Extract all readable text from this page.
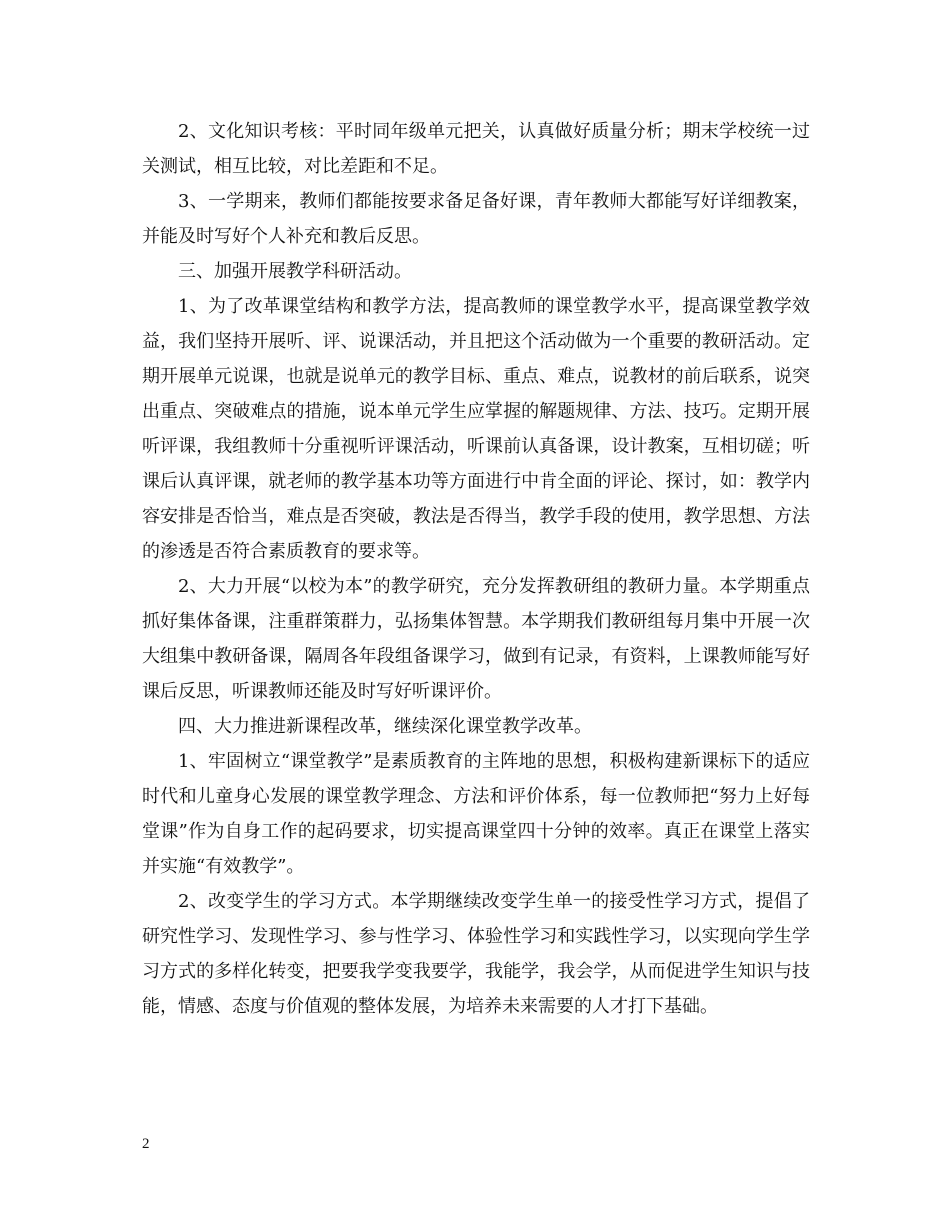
2、文化知识考核：平时同年级单元把关，认真做好质量分析；期末学校统一过关测试，相互比较，对比差距和不足。

3、一学期来，教师们都能按要求备足备好课，青年教师大都能写好详细教案，并能及时写好个人补充和教后反思。

三、加强开展教学科研活动。

1、为了改革课堂结构和教学方法，提高教师的课堂教学水平，提高课堂教学效益，我们坚持开展听、评、说课活动，并且把这个活动做为一个重要的教研活动。定期开展单元说课，也就是说单元的教学目标、重点、难点，说教材的前后联系，说突出重点、突破难点的措施，说本单元学生应掌握的解题规律、方法、技巧。定期开展听评课，我组教师十分重视听评课活动，听课前认真备课，设计教案，互相切磋；听课后认真评课，就老师的教学基本功等方面进行中肯全面的评论、探讨，如：教学内容安排是否恰当，难点是否突破，教法是否得当，教学手段的使用，教学思想、方法的渗透是否符合素质教育的要求等。

2、大力开展“以校为本”的教学研究，充分发挥教研组的教研力量。本学期重点抓好集体备课，注重群策群力，弘扬集体智慧。本学期我们教研组每月集中开展一次大组集中教研备课，隔周各年段组备课学习，做到有记录，有资料，上课教师能写好课后反思，听课教师还能及时写好听课评价。

四、大力推进新课程改革，继续深化课堂教学改革。

1、牢固树立“课堂教学”是素质教育的主阵地的思想，积极构建新课标下的适应时代和儿童身心发展的课堂教学理念、方法和评价体系，每一位教师把“努力上好每堂课”作为自身工作的起码要求，切实提高课堂四十分钟的效率。真正在课堂上落实并实施“有效教学”。

2、改变学生的学习方式。本学期继续改变学生单一的接受性学习方式，提倡了研究性学习、发现性学习、参与性学习、体验性学习和实践性学习，以实现向学生学习方式的多样化转变，把要我学变我要学，我能学，我会学，从而促进学生知识与技能，情感、态度与价值观的整体发展，为培养未来需要的人才打下基础。

2
